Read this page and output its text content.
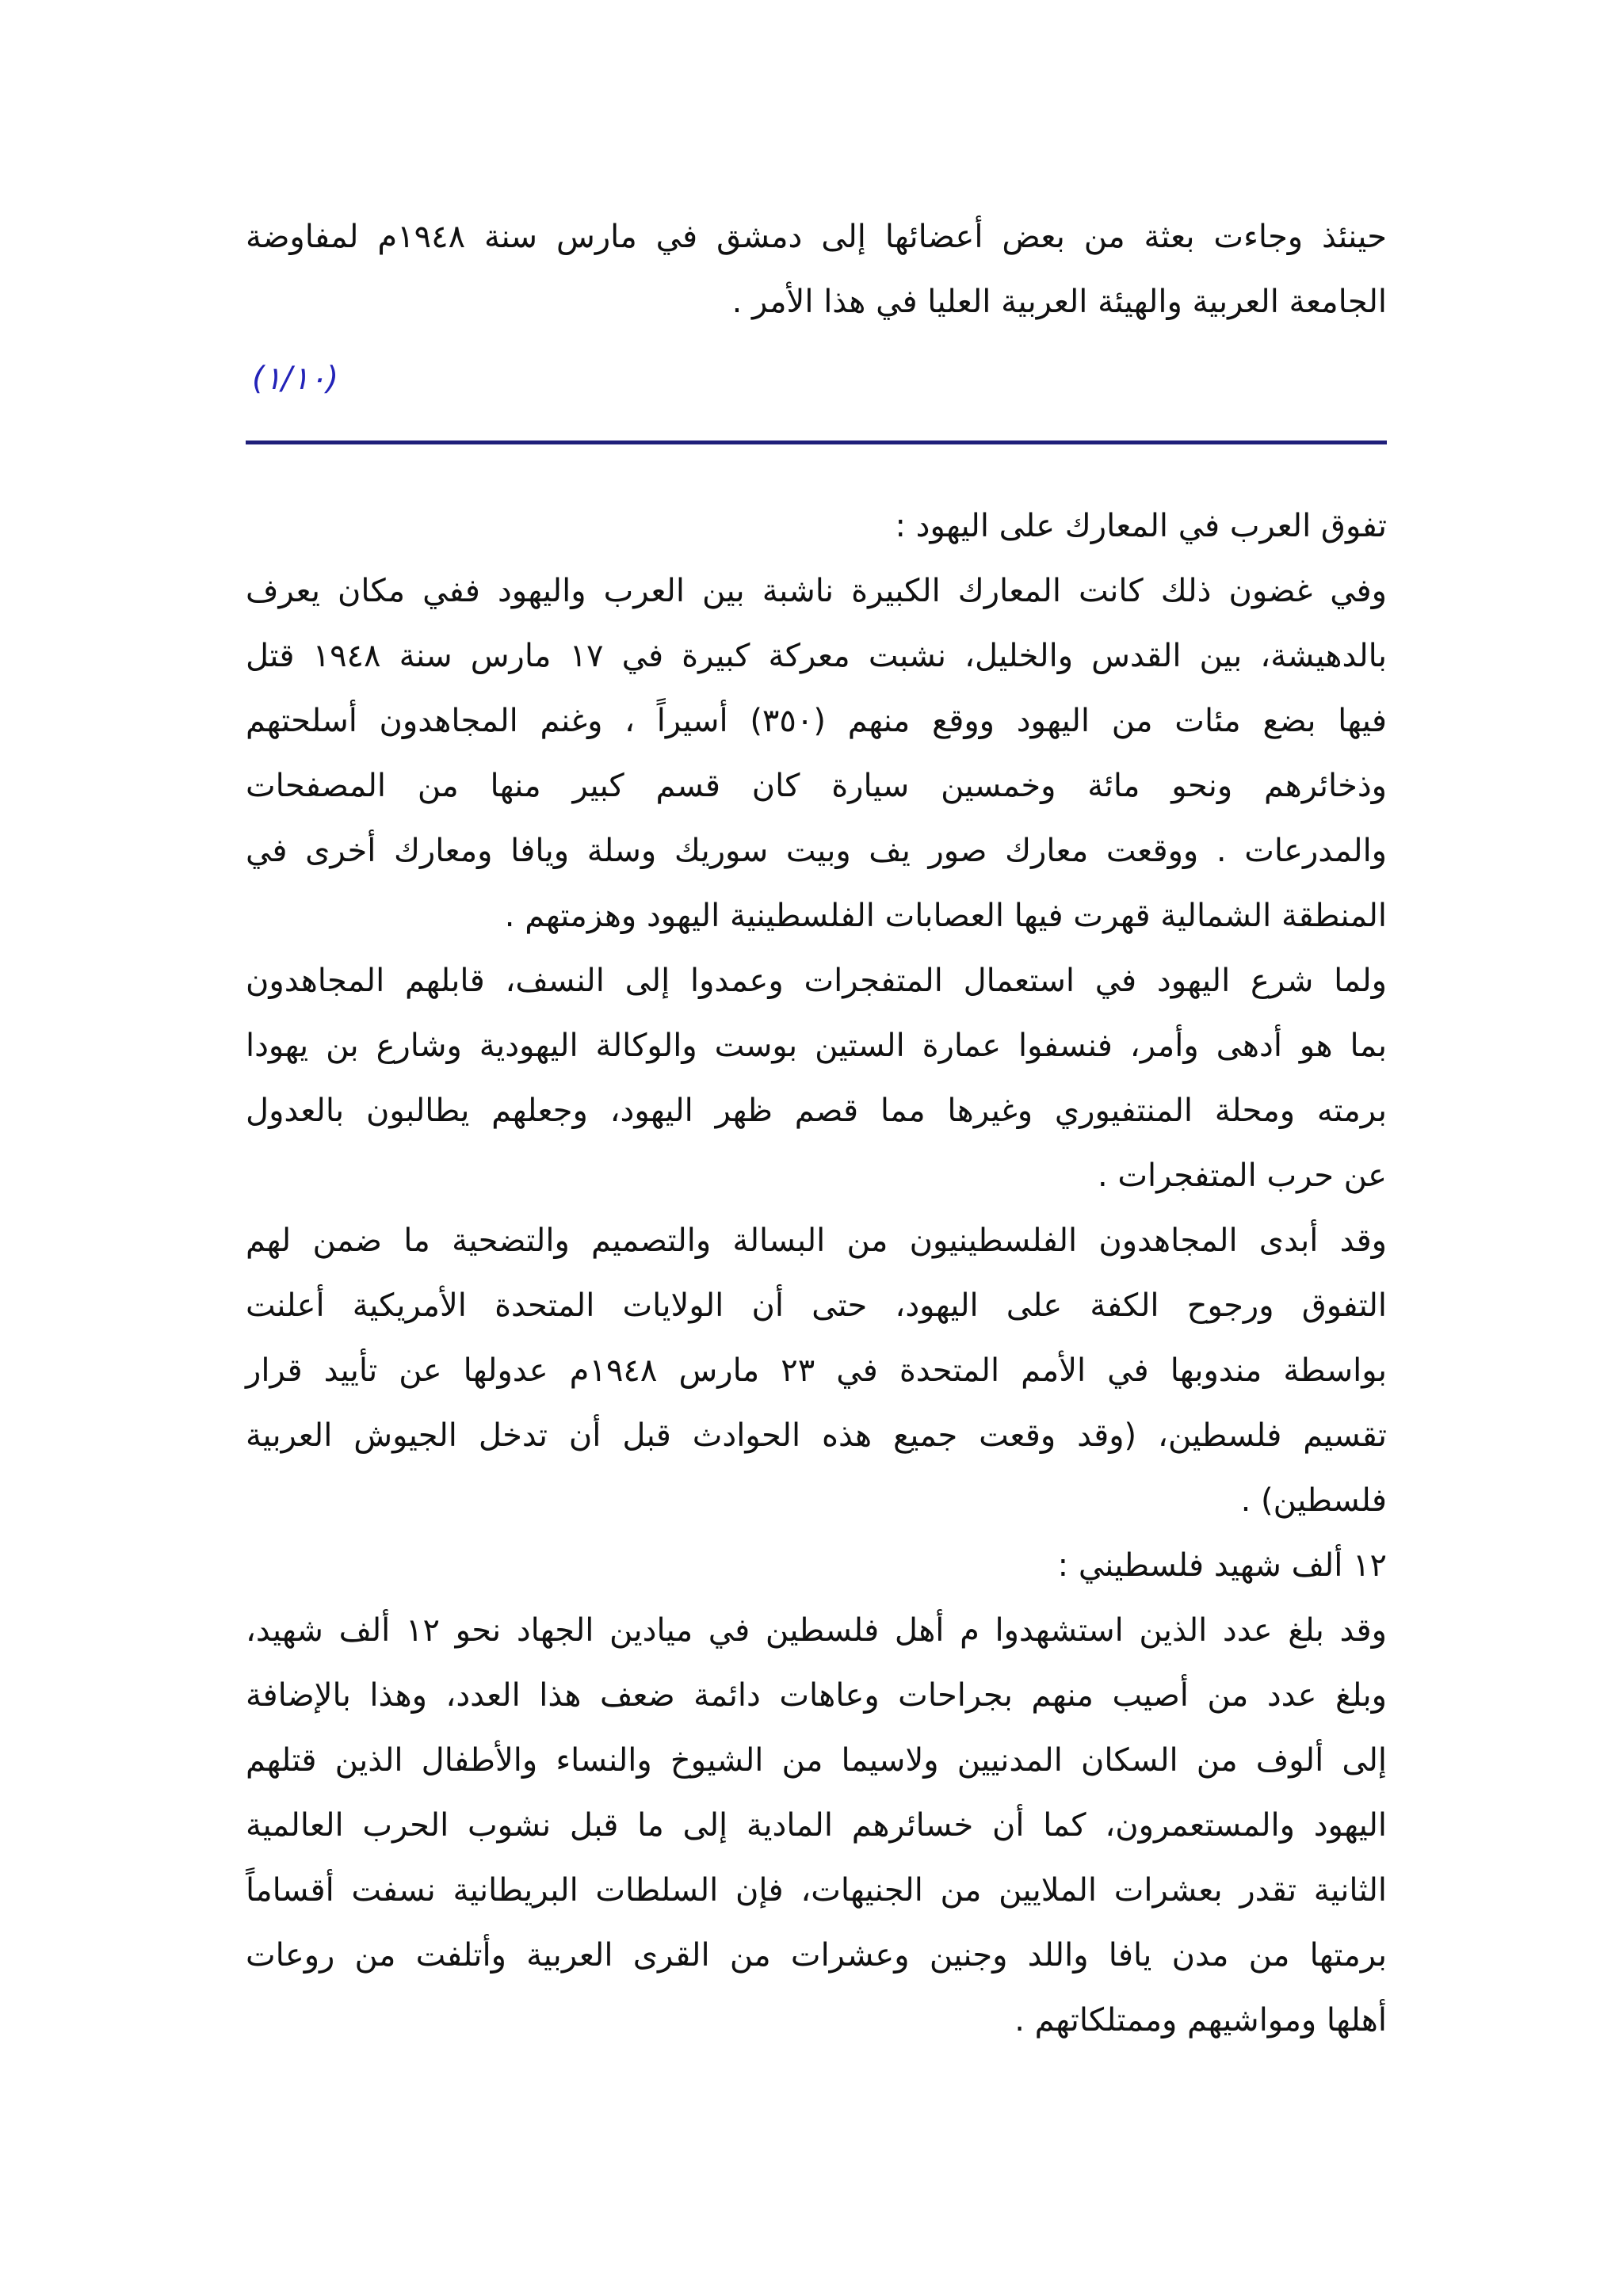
حينئذ وجاءت بعثة من بعض أعضائها إلى دمشق في مارس سنة ١٩٤٨م لمفاوضة
الجامعة العربية والهيئة العربية العليا في هذا الأمر .
(١/١٠)
تفوق العرب في المعارك على اليهود :
وفي غضون ذلك كانت المعارك الكبيرة ناشبة بين العرب واليهود ففي مكان يعرف
بالدهيشة، بين القدس والخليل، نشبت معركة كبيرة في ١٧ مارس سنة ١٩٤٨ قتل
فيها بضع مئات من اليهود ووقع منهم (٣٥٠) أسيراً ، وغنم المجاهدون أسلحتهم
وذخائرهم ونحو مائة وخمسين سيارة كان قسم كبير منها من المصفحات
والمدرعات . ووقعت معارك صور يف وبيت سوريك وسلة ويافا ومعارك أخرى في
المنطقة الشمالية قهرت فيها العصابات الفلسطينية اليهود وهزمتهم .
ولما شرع اليهود في استعمال المتفجرات وعمدوا إلى النسف، قابلهم المجاهدون
بما هو أدهى وأمر، فنسفوا عمارة الستين بوست والوكالة اليهودية وشارع بن يهودا
برمته ومحلة المنتفيوري وغيرها مما قصم ظهر اليهود، وجعلهم يطالبون بالعدول
عن حرب المتفجرات .
وقد أبدى المجاهدون الفلسطينيون من البسالة والتصميم والتضحية ما ضمن لهم
التفوق ورجوح الكفة على اليهود، حتى أن الولايات المتحدة الأمريكية أعلنت
بواسطة مندوبها في الأمم المتحدة في ٢٣ مارس ١٩٤٨م عدولها عن تأييد قرار
تقسيم فلسطين، (وقد وقعت جميع هذه الحوادث قبل أن تدخل الجيوش العربية
فلسطين) .
١٢ ألف شهيد فلسطيني :
وقد بلغ عدد الذين استشهدوا م أهل فلسطين في ميادين الجهاد نحو ١٢ ألف شهيد،
وبلغ عدد من أصيب منهم بجراحات وعاهات دائمة ضعف هذا العدد، وهذا بالإضافة
إلى ألوف من السكان المدنيين ولاسيما من الشيوخ والنساء والأطفال الذين قتلهم
اليهود والمستعمرون، كما أن خسائرهم المادية إلى ما قبل نشوب الحرب العالمية
الثانية تقدر بعشرات الملايين من الجنيهات، فإن السلطات البريطانية نسفت أقساماً
برمتها من مدن يافا واللد وجنين وعشرات من القرى العربية وأتلفت من روعات
أهلها ومواشيهم وممتلكاتهم .
